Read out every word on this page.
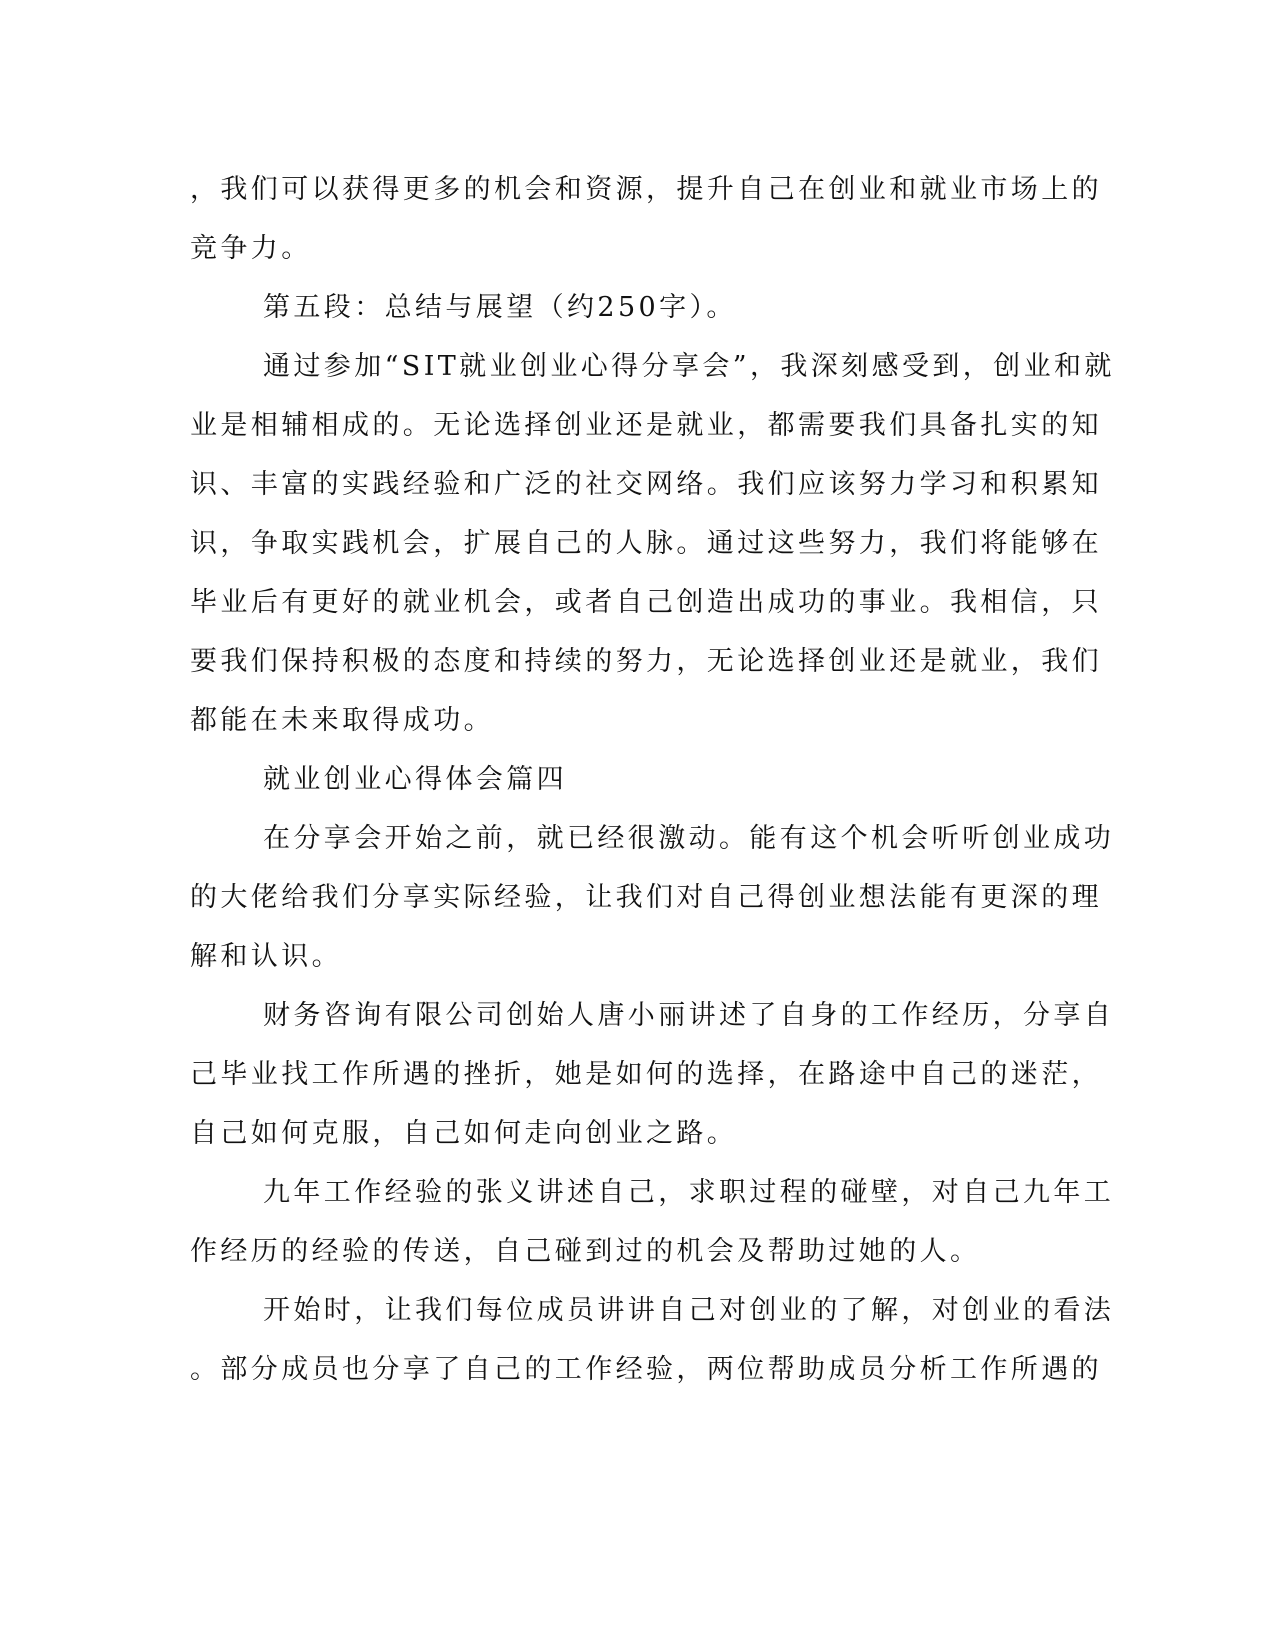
，我们可以获得更多的机会和资源，提升自己在创业和就业市场上的
竞争力。
第五段：总结与展望（约250字）。
通过参加“SIT就业创业心得分享会”，我深刻感受到，创业和就
业是相辅相成的。无论选择创业还是就业，都需要我们具备扎实的知
识、丰富的实践经验和广泛的社交网络。我们应该努力学习和积累知
识，争取实践机会，扩展自己的人脉。通过这些努力，我们将能够在
毕业后有更好的就业机会，或者自己创造出成功的事业。我相信，只
要我们保持积极的态度和持续的努力，无论选择创业还是就业，我们
都能在未来取得成功。
就业创业心得体会篇四
在分享会开始之前，就已经很激动。能有这个机会听听创业成功
的大佬给我们分享实际经验，让我们对自己得创业想法能有更深的理
解和认识。
财务咨询有限公司创始人唐小丽讲述了自身的工作经历，分享自
己毕业找工作所遇的挫折，她是如何的选择，在路途中自己的迷茫，
自己如何克服，自己如何走向创业之路。
九年工作经验的张义讲述自己，求职过程的碰壁，对自己九年工
作经历的经验的传送，自己碰到过的机会及帮助过她的人。
开始时，让我们每位成员讲讲自己对创业的了解，对创业的看法
。部分成员也分享了自己的工作经验，两位帮助成员分析工作所遇的
